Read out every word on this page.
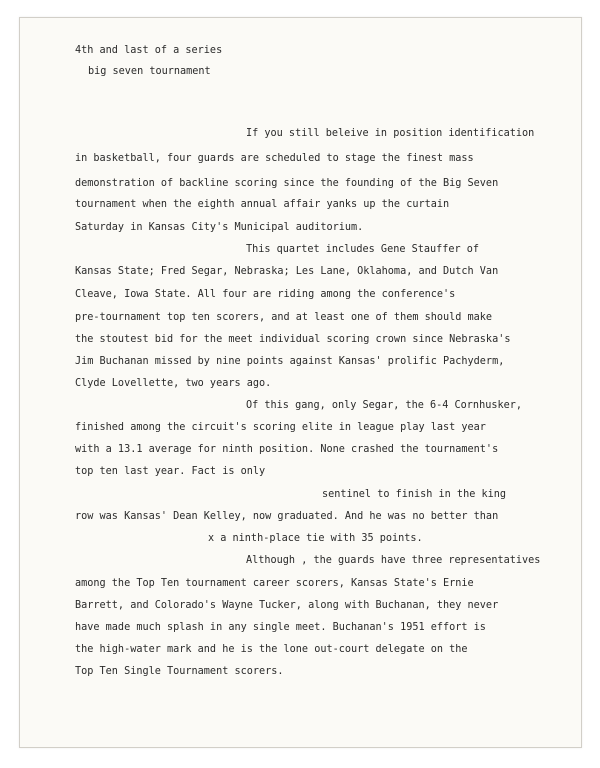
4th and last of a series
big seven tournament
If you still beleive in position identification
in basketball, four guards are scheduled to stage the finest mass
demonstration of backline scoring since the founding of the Big Seven
tournament when the eighth annual affair yanks up the curtain
Saturday in Kansas City's Municipal auditorium.
This quartet includes Gene Stauffer of
Kansas State; Fred Segar, Nebraska; Les Lane, Oklahoma, and Dutch Van
Cleave, Iowa State. All four are riding among the conference's
pre-tournament top ten scorers, and at least one of them should make
the stoutest bid for the meet individual scoring crown since Nebraska's
Jim Buchanan missed by nine points against Kansas' prolific Pachyderm,
Clyde Lovellette, two years ago.
Of this gang, only Segar, the 6-4 Cornhusker,
finished among the circuit's scoring elite in league play last year
with a 13.1 average for ninth position. None crashed the tournament's
top ten last year. Fact is only
sentinel to finish in the king
row was Kansas' Dean Kelley, now graduated. And he was no better than
x a ninth-place tie with 35 points.
Although , the guards have three representatives
among the Top Ten tournament career scorers, Kansas State's Ernie
Barrett, and Colorado's Wayne Tucker, along with Buchanan, they never
have made much splash in any single meet. Buchanan's 1951 effort is
the high-water mark and he is the lone out-court delegate on the
Top Ten Single Tournament scorers.
